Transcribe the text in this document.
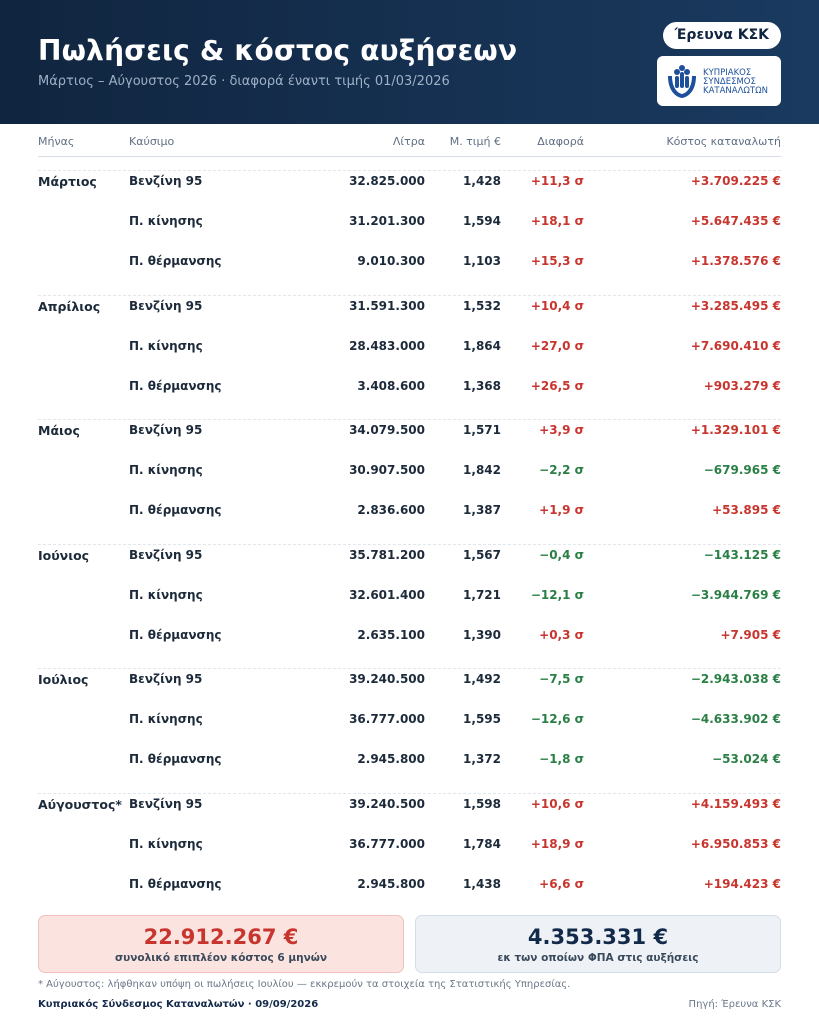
Πωλήσεις & κόστος αυξήσεων
Μάρτιος – Αύγουστος 2026 · διαφορά έναντι τιμής 01/03/2026
Έρευνα ΚΣΚ
ΚΥΠΡΙΑΚΟΣ
ΣΥΝΔΕΣΜΟΣ
ΚΑΤΑΝΑΛΩΤΩΝ
Μήνας	Καύσιμο	Λίτρα Μ. τιμή €	Διαφορά	Κόστος καταναλωτή
Μάρτιος	Βενζίνη 95	32.825.000	1,428 +11,3 σ	+3.709.225 €
Π. κίνησης	31.201.300	1,594 +18,1 σ	+5.647.435 €
Π. θέρμανσης	9.010.300	1,103 +15,3 σ	+1.378.576 €
Απρίλιος Βενζίνη 95	31.591.300	1,532 +10,4 σ	+3.285.495 €
Π. κίνησης	28.483.000	1,864 +27,0 σ	+7.690.410 €
Π. θέρμανσης	3.408.600	1,368 +26,5 σ	+903.279 €
Μάιος	Βενζίνη 95	34.079.500	1,571	+3,9 σ	+1.329.101 €
Π. κίνησης	30.907.500	1,842	−2,2 σ	−679.965 €
Π. θέρμανσης	2.836.600	1,387	+1,9 σ	+53.895 €
Ιούνιος	Βενζίνη 95	35.781.200	1,567	−0,4 σ	−143.125 €
Π. κίνησης	32.601.400	1,721 −12,1 σ	−3.944.769 €
Π. θέρμανσης	2.635.100	1,390	+0,3 σ	+7.905 €
Ιούλιος	Βενζίνη 95	39.240.500	1,492	−7,5 σ	−2.943.038 €
Π. κίνησης	36.777.000	1,595 −12,6 σ	−4.633.902 €
Π. θέρμανσης	2.945.800	1,372	−1,8 σ	−53.024 €
Αύγουστος* Βενζίνη 95	39.240.500	1,598 +10,6 σ	+4.159.493 €
Π. κίνησης	36.777.000	1,784 +18,9 σ	+6.950.853 €
Π. θέρμανσης	2.945.800	1,438	+6,6 σ	+194.423 €
22.912.267 €
συνολικό επιπλέον κόστος 6 μηνών
4.353.331 €
εκ των οποίων ΦΠΑ στις αυξήσεις
* Αύγουστος: λήφθηκαν υπόψη οι πωλήσεις Ιουλίου — εκκρεμούν τα στοιχεία της Στατιστικής Υπηρεσίας.
Κυπριακός Σύνδεσμος Καταναλωτών · 09/09/2026	Πηγή: Έρευνα ΚΣΚ
